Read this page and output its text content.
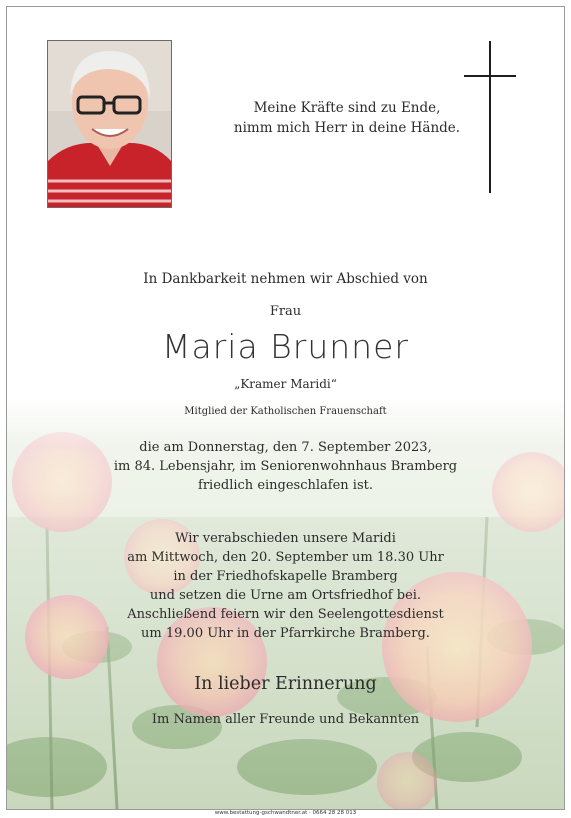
Meine Kräfte sind zu Ende,
nimm mich Herr in deine Hände.
In Dankbarkeit nehmen wir Abschied von
Frau
Maria Brunner
„Kramer Maridi“
Mitglied der Katholischen Frauenschaft
die am Donnerstag, den 7. September 2023,
im 84. Lebensjahr, im Seniorenwohnhaus Bramberg
friedlich eingeschlafen ist.
Wir verabschieden unsere Maridi
am Mittwoch, den 20. September um 18.30 Uhr
in der Friedhofskapelle Bramberg
und setzen die Urne am Ortsfriedhof bei.
Anschließend feiern wir den Seelengottesdienst
um 19.00 Uhr in der Pfarrkirche Bramberg.
In lieber Erinnerung
Im Namen aller Freunde und Bekannten
www.bestattung-gschwandtner.at · 0664 28 28 013
